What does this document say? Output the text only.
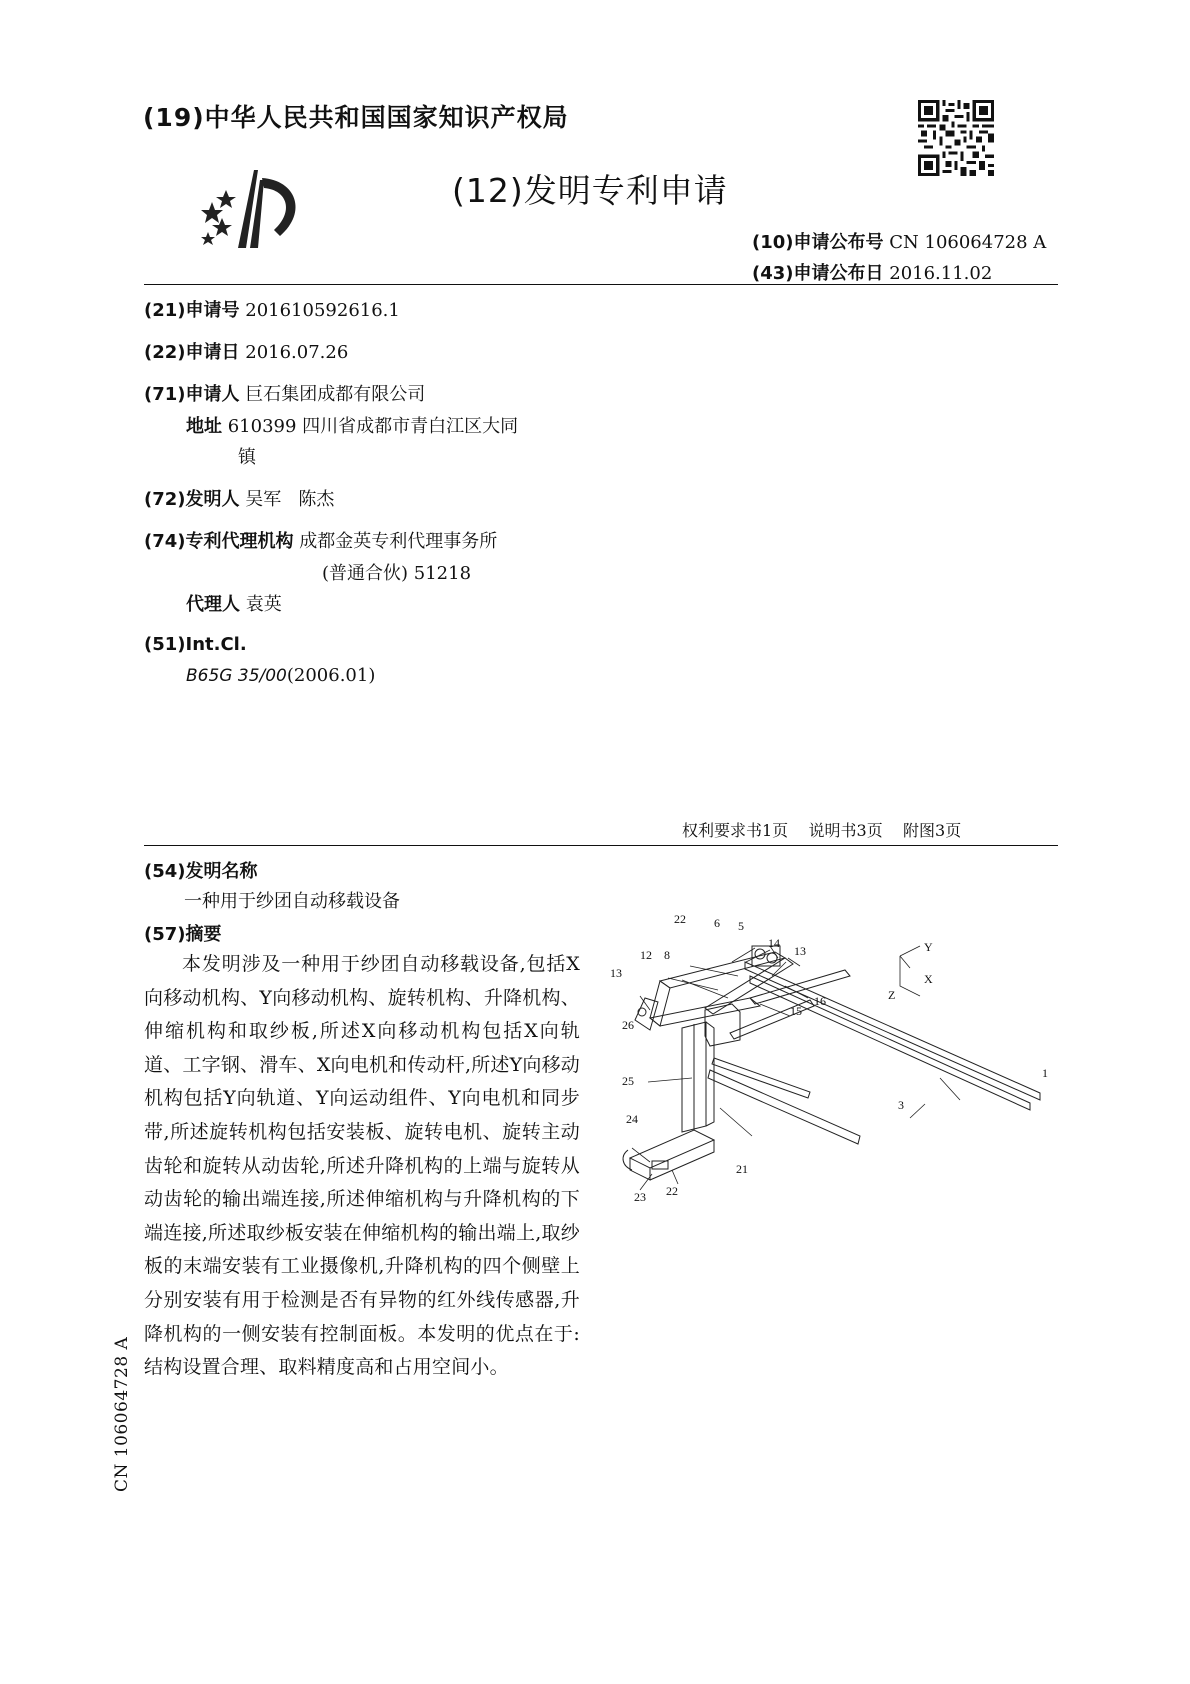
(19)中华人民共和国国家知识产权局
(12)发明专利申请
(10)申请公布号 CN 106064728 A
(43)申请公布日 2016.11.02
(21)申请号 201610592616.1
(22)申请日 2016.07.26
(71)申请人 巨石集团成都有限公司
地址 610399 四川省成都市青白江区大同
镇
(72)发明人 吴军   陈杰
(74)专利代理机构 成都金英专利代理事务所
(普通合伙) 51218
代理人 袁英
(51)Int.Cl.
B65G 35/00(2006.01)
权利要求书1页    说明书3页    附图3页
(54)发明名称
一种用于纱团自动移载设备
(57)摘要
本发明涉及一种用于纱团自动移载设备,包括X向移动机构、Y向移动机构、旋转机构、升降机构、伸缩机构和取纱板,所述X向移动机构包括X向轨道、工字钢、滑车、X向电机和传动杆,所述Y向移动机构包括Y向轨道、Y向运动组件、Y向电机和同步带,所述旋转机构包括安装板、旋转电机、旋转主动齿轮和旋转从动齿轮,所述升降机构的上端与旋转从动齿轮的输出端连接,所述伸缩机构与升降机构的下端连接,所述取纱板安装在伸缩机构的输出端上,取纱板的末端安装有工业摄像机,升降机构的四个侧壁上分别安装有用于检测是否有异物的红外线传感器,升降机构的一侧安装有控制面板。本发明的优点在于:结构设置合理、取料精度高和占用空间小。
22 6 5
14
13
12 8
13
Y
X
Z
26
16
15
25
1
3
24
21
23 22
CN 106064728 A
